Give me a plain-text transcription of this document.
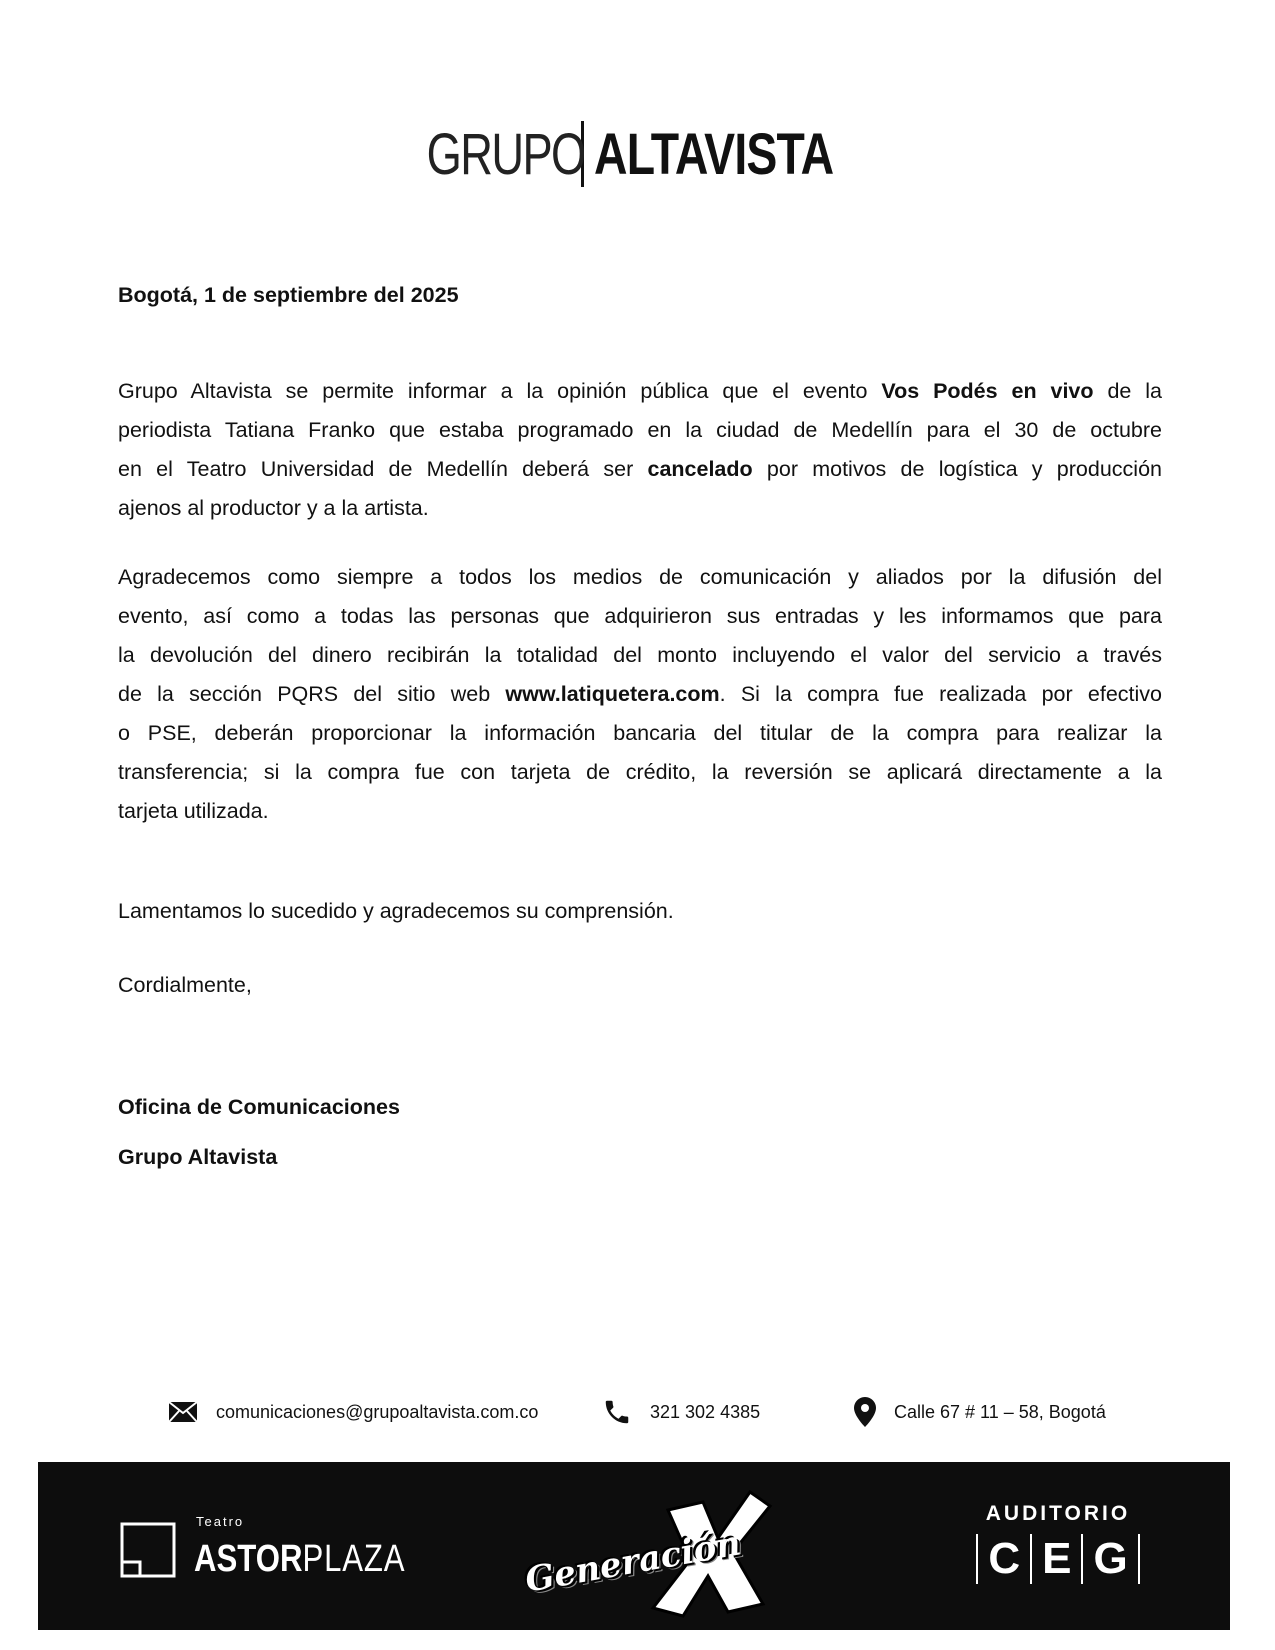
GRUPO ALTAVISTA
Bogotá, 1 de septiembre del 2025
Grupo Altavista se permite informar a la opinión pública que el evento Vos Podés en vivo de la
periodista Tatiana Franko que estaba programado en la ciudad de Medellín para el 30 de octubre
en el Teatro Universidad de Medellín deberá ser cancelado por motivos de logística y producción
ajenos al productor y a la artista.
Agradecemos como siempre a todos los medios de comunicación y aliados por la difusión del
evento, así como a todas las personas que adquirieron sus entradas y les informamos que para
la devolución del dinero recibirán la totalidad del monto incluyendo el valor del servicio a través
de la sección PQRS del sitio web www.latiquetera.com. Si la compra fue realizada por efectivo
o PSE, deberán proporcionar la información bancaria del titular de la compra para realizar la
transferencia; si la compra fue con tarjeta de crédito, la reversión se aplicará directamente a la
tarjeta utilizada.
Lamentamos lo sucedido y agradecemos su comprensión.
Cordialmente,
Oficina de Comunicaciones
Grupo Altavista
comunicaciones@grupoaltavista.com.co	321 302 4385	Calle 67 # 11 – 58, Bogotá
Teatro
ASTORPLAZA	Generación
AUDITORIO
C E G
